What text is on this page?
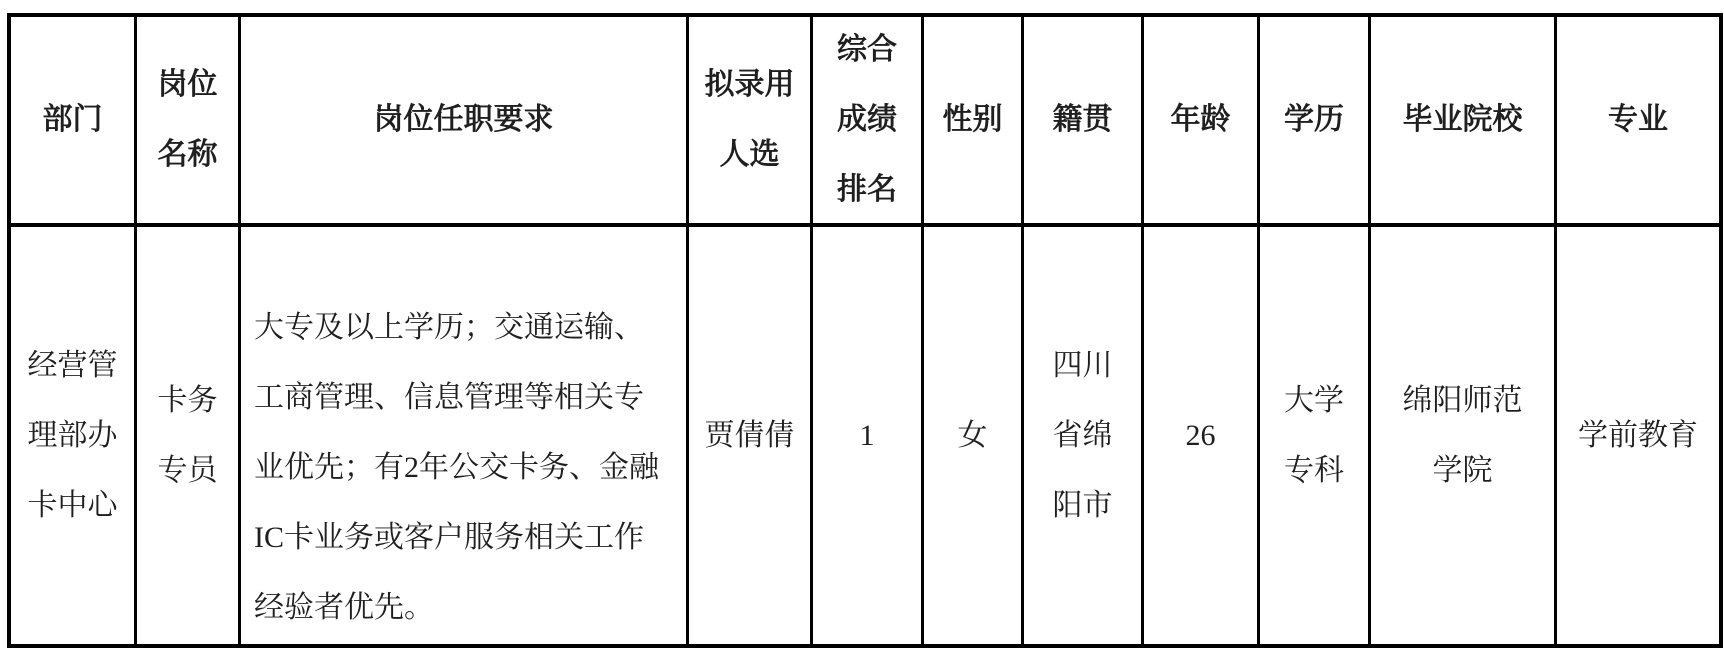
部门
岗位
名称
岗位任职要求
拟录用
人选
综合
成绩
排名
性别 籍贯 年龄 学历 毕业院校	专业
经营管
理部办
卡中心
卡务
专员
大专及以上学历；交通运输、
工商管理、信息管理等相关专
业优先；有2年公交卡务、金融
IC卡业务或客户服务相关工作
经验者优先。
贾倩倩 1	女
四川
省绵
阳市
26
大学
专科
绵阳师范
学院
学前教育
